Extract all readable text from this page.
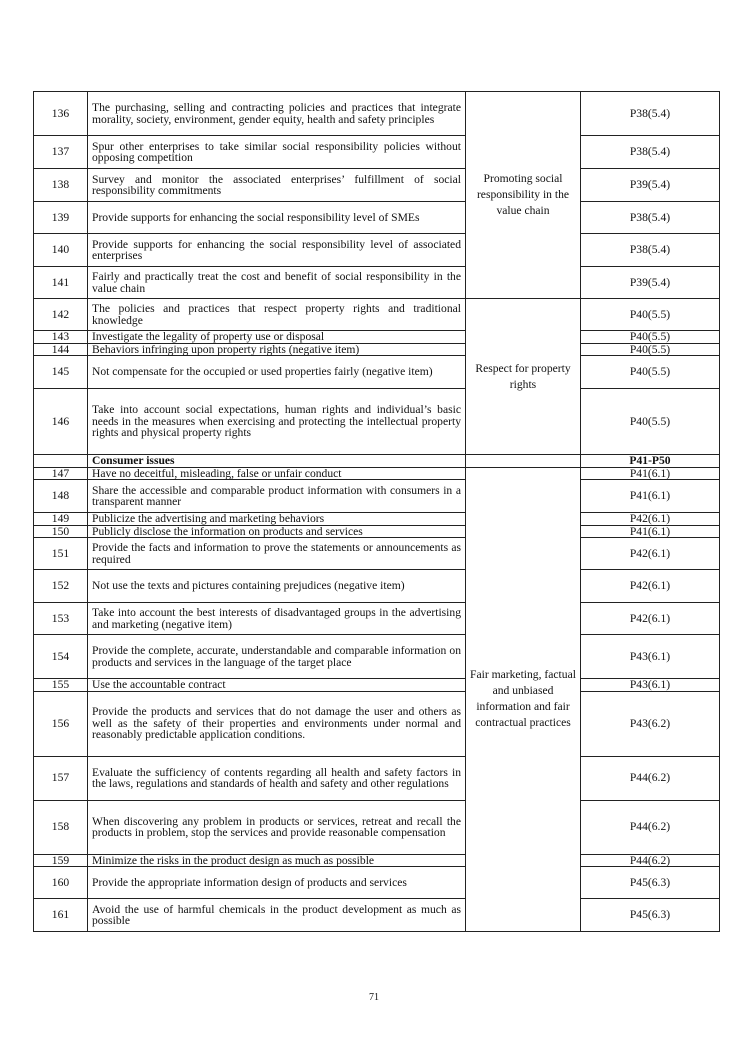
136	The purchasing, selling and contracting policies and practices that integrate morality, society, environment, gender equity, health and safety principles	Promoting social responsibility in the value chain	P38(5.4)
137	Spur other enterprises to take similar social responsibility policies without opposing competition		P38(5.4)
138	Survey and monitor the associated enterprises’ fulfillment of social responsibility commitments		P39(5.4)
139	Provide supports for enhancing the social responsibility level of SMEs		P38(5.4)
140	Provide supports for enhancing the social responsibility level of associated enterprises		P38(5.4)
141	Fairly and practically treat the cost and benefit of social responsibility in the value chain		P39(5.4)
142	The policies and practices that respect property rights and traditional knowledge	Respect for property rights	P40(5.5)
143	Investigate the legality of property use or disposal		P40(5.5)
144	Behaviors infringing upon property rights (negative item)		P40(5.5)
145	Not compensate for the occupied or used properties fairly (negative item)		P40(5.5)
146	Take into account social expectations, human rights and individual’s basic needs in the measures when exercising and protecting the intellectual property rights and physical property rights		P40(5.5)
	Consumer issues		P41-P50
147	Have no deceitful, misleading, false or unfair conduct	Fair marketing, factual and unbiased information and fair contractual practices	P41(6.1)
148	Share the accessible and comparable product information with consumers in a transparent manner		P41(6.1)
149	Publicize the advertising and marketing behaviors		P42(6.1)
150	Publicly disclose the information on products and services		P41(6.1)
151	Provide the facts and information to prove the statements or announcements as required		P42(6.1)
152	Not use the texts and pictures containing prejudices (negative item)		P42(6.1)
153	Take into account the best interests of disadvantaged groups in the advertising and marketing (negative item)		P42(6.1)
154	Provide the complete, accurate, understandable and comparable information on products and services in the language of the target place		P43(6.1)
155	Use the accountable contract		P43(6.1)
156	Provide the products and services that do not damage the user and others as well as the safety of their properties and environments under normal and reasonably predictable application conditions.		P43(6.2)
157	Evaluate the sufficiency of contents regarding all health and safety factors in the laws, regulations and standards of health and safety and other regulations		P44(6.2)
158	When discovering any problem in products or services, retreat and recall the products in problem, stop the services and provide reasonable compensation		P44(6.2)
159	Minimize the risks in the product design as much as possible		P44(6.2)
160	Provide the appropriate information design of products and services		P45(6.3)
161	Avoid the use of harmful chemicals in the product development as much as possible		P45(6.3)
71
